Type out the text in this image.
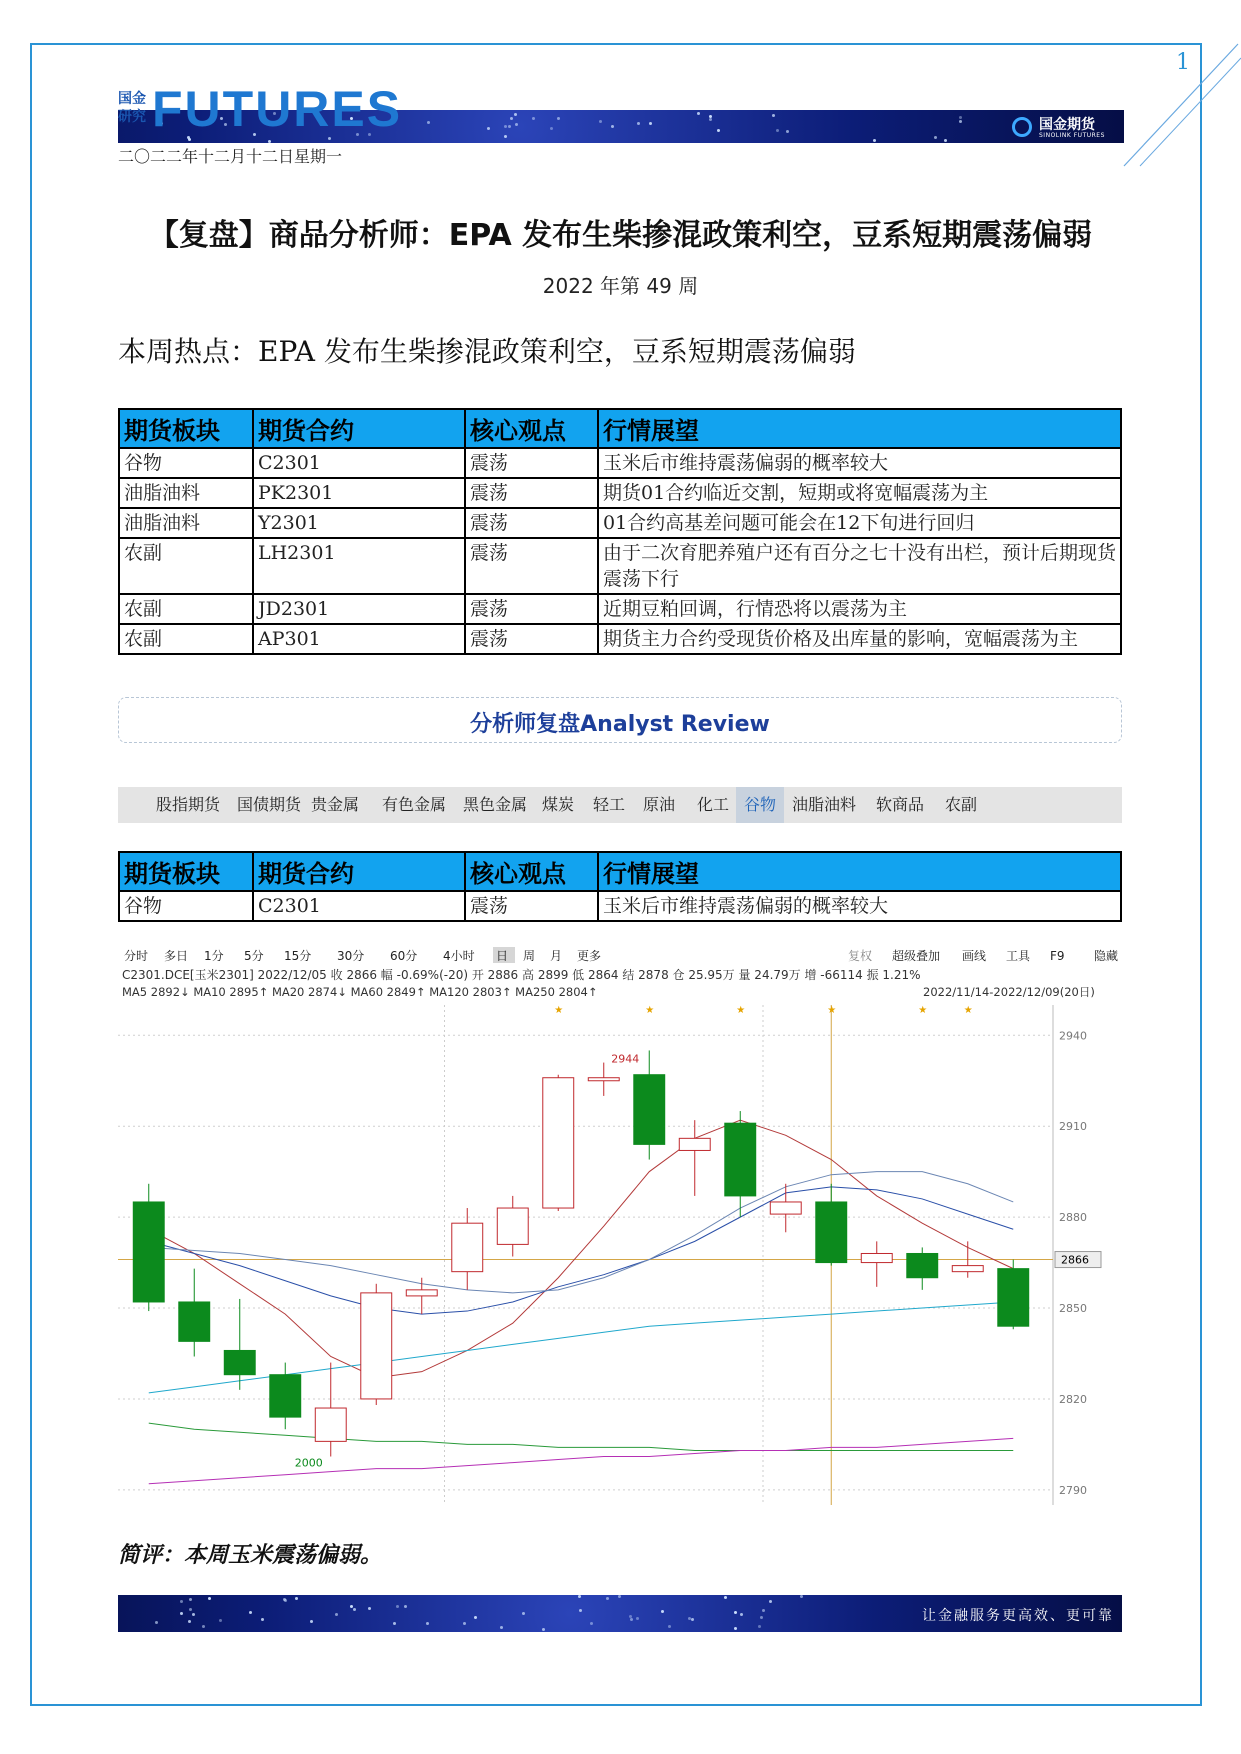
1
国金研究 FUTURES	国金期货
SINOLINK FUTURES
二〇二二年十二月十二日星期一
【复盘】商品分析师：EPA 发布生柴掺混政策利空，豆系短期震荡偏弱
2022 年第 49 周
本周热点：EPA 发布生柴掺混政策利空，豆系短期震荡偏弱
期货板块	期货合约	核心观点	行情展望
谷物	C2301	震荡	玉米后市维持震荡偏弱的概率较大
油脂油料	PK2301	震荡	期货01合约临近交割，短期或将宽幅震荡为主
油脂油料	Y2301	震荡	01合约高基差问题可能会在12下旬进行回归
农副	LH2301	震荡	由于二次育肥养殖户还有百分之七十没有出栏，预计后期现货震荡下行
农副	JD2301	震荡	近期豆粕回调，行情恐将以震荡为主
农副	AP301	震荡	期货主力合约受现货价格及出库量的影响，宽幅震荡为主
分析师复盘Analyst Review
股指期货 国债期货 贵金属 有色金属 黑色金属 煤炭	轻工	原油	化工 谷物 油脂油料 软商品	农副
期货板块	期货合约	核心观点	行情展望
谷物	C2301	震荡	玉米后市维持震荡偏弱的概率较大
分时 多日 1分 5分 15分 30分 60分 4小时 日 周 月 更多	复权 超级叠加 画线 工具 F9 隐藏
C2301.DCE[玉米2301] 2022/12/05 收 2866 幅 -0.69%(-20) 开 2886 高 2899 低 2864 结 2878 仓 25.95万 量 24.79万 增 -66114 振 1.21%
MA5 2892↓ MA10 2895↑ MA20 2874↓ MA60 2849↑ MA120 2803↑ MA250 2804↑	2022/11/14-2022/12/09(20日)
2790
2820
2850
2880
2910
2940
2866
★	★	★	★	★	★
2944
2000
简评：本周玉米震荡偏弱。
让金融服务更高效、更可靠
